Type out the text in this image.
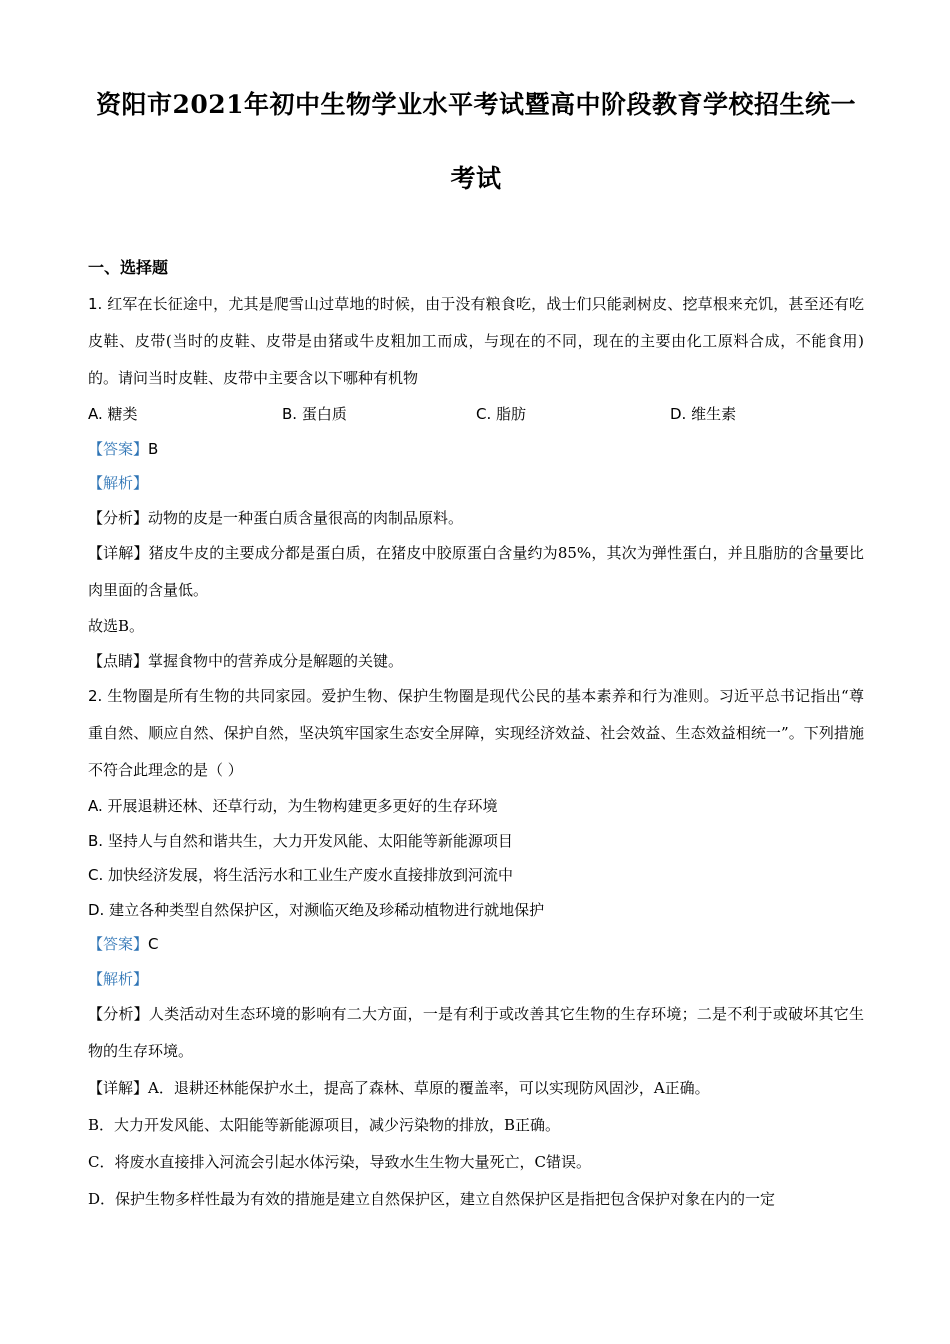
资阳市2021年初中生物学业水平考试暨高中阶段教育学校招生统一考试
一、选择题
1. 红军在长征途中，尤其是爬雪山过草地的时候，由于没有粮食吃，战士们只能剥树皮、挖草根来充饥，甚至还有吃皮鞋、皮带(当时的皮鞋、皮带是由猪或牛皮粗加工而成，与现在的不同，现在的主要由化工原料合成，不能食用)的。请问当时皮鞋、皮带中主要含以下哪种有机物
A. 糖类	B. 蛋白质	C. 脂肪	D. 维生素
【答案】B
【解析】
【分析】动物的皮是一种蛋白质含量很高的肉制品原料。
【详解】猪皮牛皮的主要成分都是蛋白质，在猪皮中胶原蛋白含量约为85%，其次为弹性蛋白，并且脂肪的含量要比肉里面的含量低。
故选B。
【点睛】掌握食物中的营养成分是解题的关键。
2. 生物圈是所有生物的共同家园。爱护生物、保护生物圈是现代公民的基本素养和行为准则。习近平总书记指出“尊重自然、顺应自然、保护自然，坚决筑牢国家生态安全屏障，实现经济效益、社会效益、生态效益相统一”。下列措施不符合此理念的是（ ）
A. 开展退耕还林、还草行动，为生物构建更多更好的生存环境
B. 坚持人与自然和谐共生，大力开发风能、太阳能等新能源项目
C. 加快经济发展，将生活污水和工业生产废水直接排放到河流中
D. 建立各种类型自然保护区，对濒临灭绝及珍稀动植物进行就地保护
【答案】C
【解析】
【分析】人类活动对生态环境的影响有二大方面，一是有利于或改善其它生物的生存环境；二是不利于或破坏其它生物的生存环境。
【详解】A．退耕还林能保护水土，提高了森林、草原的覆盖率，可以实现防风固沙，A正确。
B．大力开发风能、太阳能等新能源项目，减少污染物的排放，B正确。
C．将废水直接排入河流会引起水体污染，导致水生生物大量死亡，C错误。
D．保护生物多样性最为有效的措施是建立自然保护区，建立自然保护区是指把包含保护对象在内的一定
